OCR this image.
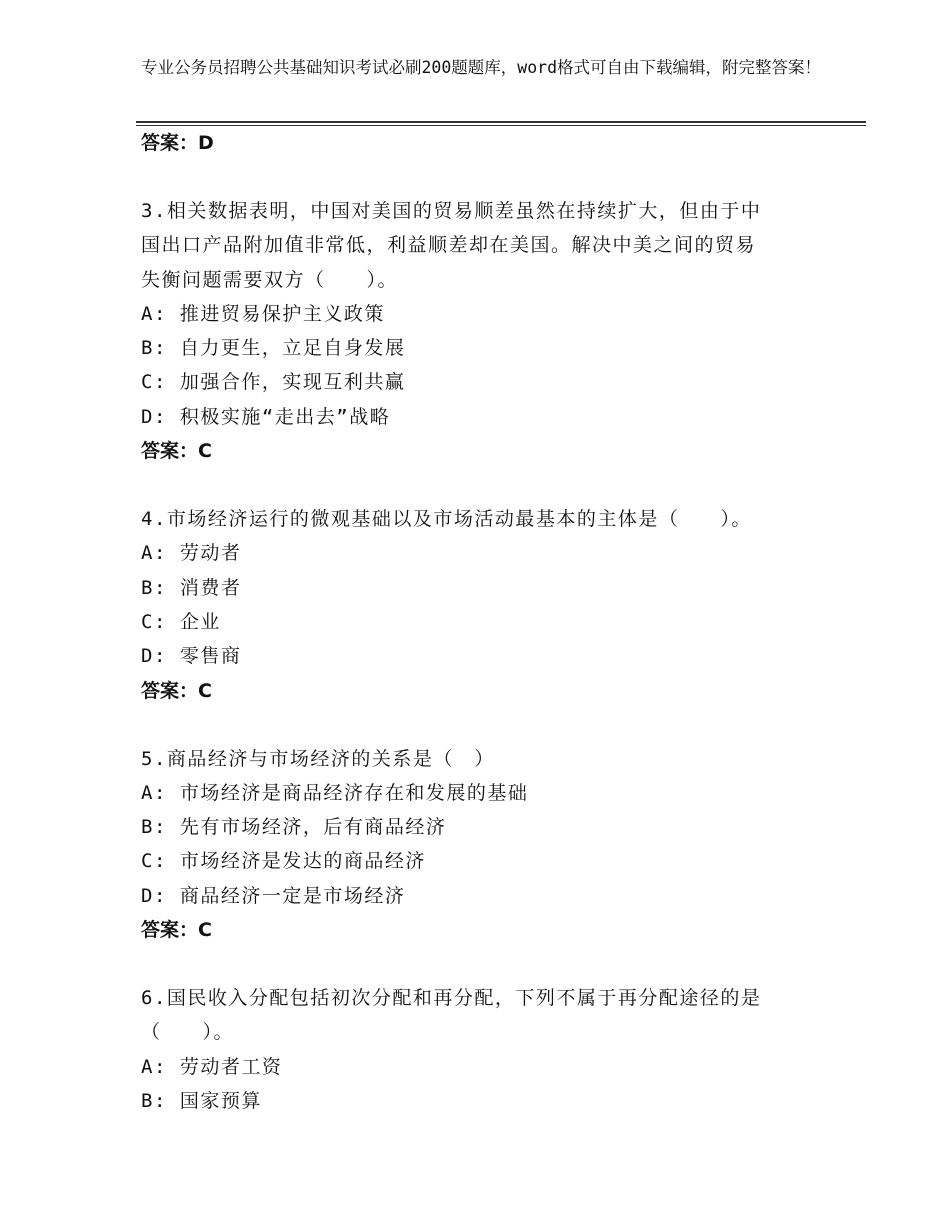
专业公务员招聘公共基础知识考试必刷200题题库，word格式可自由下载编辑，附完整答案！
答案：D
3.相关数据表明，中国对美国的贸易顺差虽然在持续扩大，但由于中
国出口产品附加值非常低，利益顺差却在美国。解决中美之间的贸易
失衡问题需要双方（　　）。
A: 推进贸易保护主义政策
B: 自力更生，立足自身发展
C: 加强合作，实现互利共赢
D: 积极实施“走出去”战略
答案：C
4.市场经济运行的微观基础以及市场活动最基本的主体是（　　）。
A: 劳动者
B: 消费者
C: 企业
D: 零售商
答案：C
5.商品经济与市场经济的关系是（　）
A: 市场经济是商品经济存在和发展的基础
B: 先有市场经济，后有商品经济
C: 市场经济是发达的商品经济
D: 商品经济一定是市场经济
答案：C
6.国民收入分配包括初次分配和再分配，下列不属于再分配途径的是
（　　）。
A: 劳动者工资
B: 国家预算
